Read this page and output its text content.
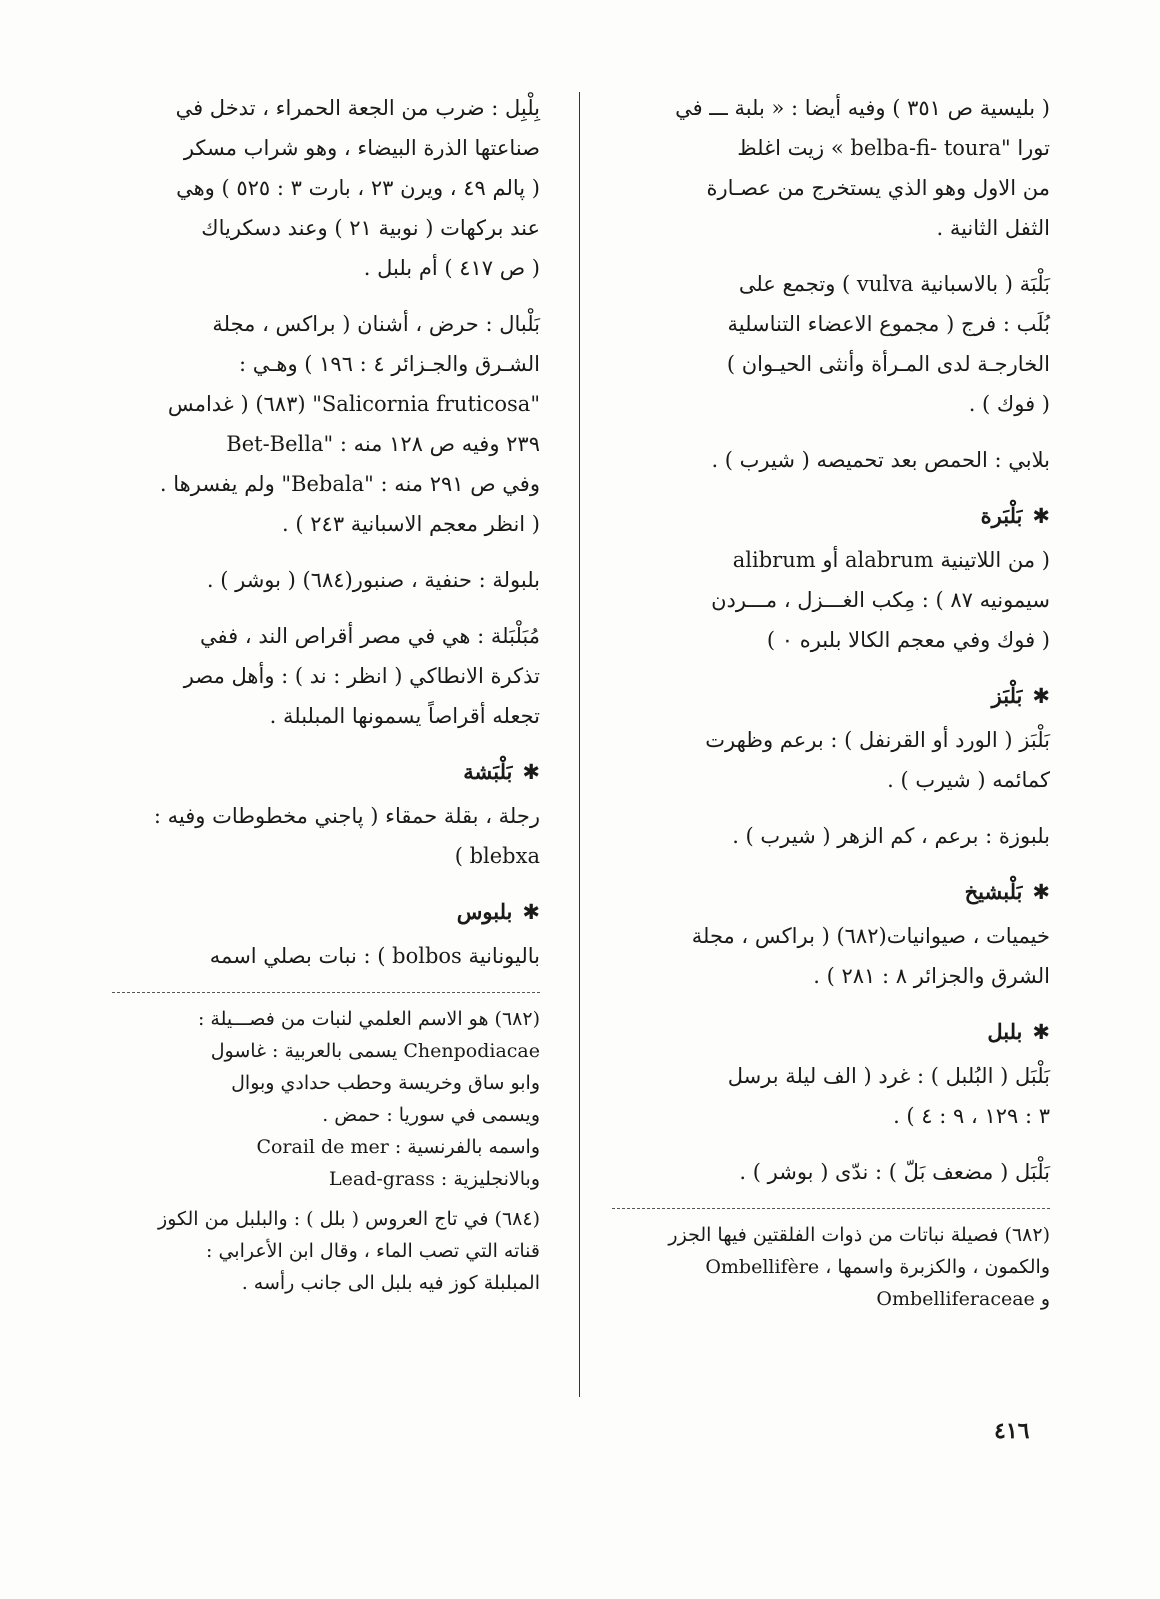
( بليسية ص ٣٥١ ) وفيه أيضا : « بلبة ـــ في

تورا "belba-fi- toura » زيت اغلظ

من الاول وهو الذي يستخرج من عصـارة

الثفل الثانية .

بَلْبَة ( بالاسبانية vulva ) وتجمع على

بُلَب : فرج ( مجموع الاعضاء التناسلية

الخارجـة لدى المـرأة وأنثى الحيـوان )

( فوك ) .

بلابي : الحمص بعد تحميصه ( شيرب ) .

✱بَلْبَرة

( من اللاتينية alabrum أو alibrum

سيمونيه ٨٧ ) : مِكب الغـــزل ، مـــردن

( فوك وفي معجم الكالا بلبره ٠ )

✱بَلْبَز

بَلْبَز ( الورد أو القرنفل ) : برعم وظهرت

كمائمه ( شيرب ) .

بلبوزة : برعم ، كم الزهر ( شيرب ) .

✱بَلْبشيخ

خيميات ، صيوانيات(٦٨٢) ( براكس ، مجلة

الشرق والجزائر ٨ : ٢٨١ ) .

✱بلبل

بَلْبَل ( البُلبل ) : غرد ( الف ليلة برسل

٣ : ١٢٩ ، ٩ : ٤ ) .

بَلْبَل ( مضعف بَلّ ) : ندّى ( بوشر ) .

(٦٨٢) فصيلة نباتات من ذوات الفلقتين فيها الجزر

والكمون ، والكزبرة واسمها ، Ombellifère

و Ombelliferaceae

بِلْبِل : ضرب من الجعة الحمراء ، تدخل في

صناعتها الذرة البيضاء ، وهو شراب مسكر

( پالم ٤٩ ، ويرن ٢٣ ، بارت ٣ : ٥٢٥ ) وهي

عند بركهات ( نوبية ٢١ ) وعند دسكرياك

( ص ٤١٧ ) أم بلبل .

بَلْبال : حرض ، أشنان ( براكس ، مجلة

الشـرق والجـزائر ٤ : ١٩٦ ) وهـي :

"Salicornia fruticosa" (٦٨٣) ( غدامس

٢٣٩ وفيه ص ١٢٨ منه : "Bet-Bella

وفي ص ٢٩١ منه : "Bebala" ولم يفسرها .

( انظر معجم الاسبانية ٢٤٣ ) .

بلبولة : حنفية ، صنبور(٦٨٤) ( بوشر ) .

مُبَلْبَلة : هي في مصر أقراص الند ، ففي

تذكرة الانطاكي ( انظر : ند ) : وأهل مصر

تجعله أقراصاً يسمونها المبلبلة .

✱بَلْبَشة

رجلة ، بقلة حمقاء ( پاجني مخطوطات وفيه :

blebxa )

✱بلبوس

باليونانية bolbos ) : نبات بصلي اسمه

(٦٨٢) هو الاسم العلمي لنبات من فصـــيلة :

Chenpodiacae يسمى بالعربية : غاسول

وابو ساق وخريسة وحطب حدادي وبوال

ويسمى في سوريا : حمض .

واسمه بالفرنسية : Corail de mer

وبالانجليزية : Lead-grass

(٦٨٤) في تاج العروس ( بلل ) : والبلبل من الكوز

قناته التي تصب الماء ، وقال ابن الأعرابي :

المبلبلة كوز فيه بلبل الى جانب رأسه .

٤١٦
